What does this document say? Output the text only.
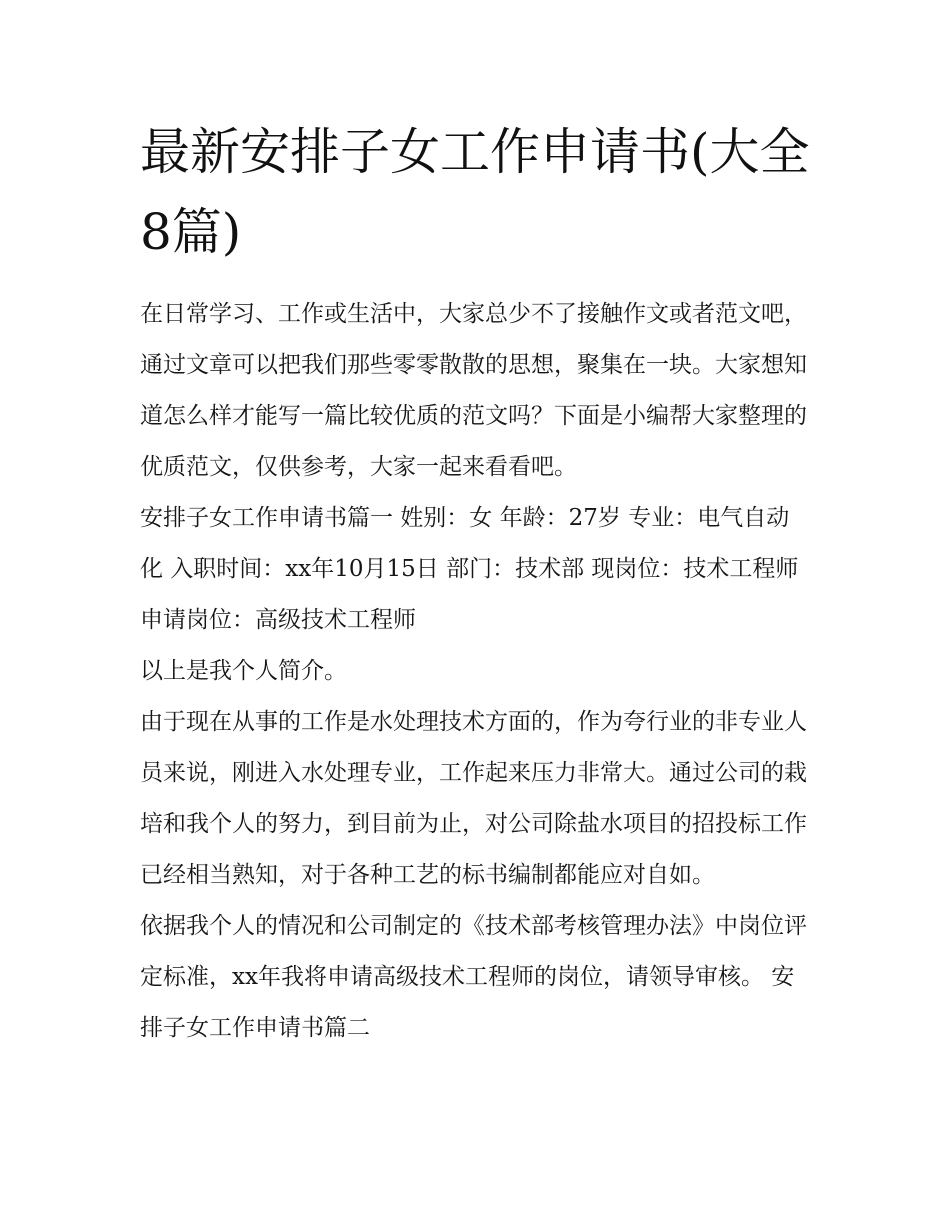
最新安排子女工作申请书(大全8篇)

在日常学习、工作或生活中，大家总少不了接触作文或者范文吧，通过文章可以把我们那些零零散散的思想，聚集在一块。大家想知道怎么样才能写一篇比较优质的范文吗？下面是小编帮大家整理的优质范文，仅供参考，大家一起来看看吧。

安排子女工作申请书篇一 姓别：女 年龄：27岁 专业：电气自动化 入职时间：xx年10月15日 部门：技术部 现岗位：技术工程师 申请岗位：高级技术工程师

以上是我个人简介。

由于现在从事的工作是水处理技术方面的，作为夸行业的非专业人员来说，刚进入水处理专业，工作起来压力非常大。通过公司的栽培和我个人的努力，到目前为止，对公司除盐水项目的招投标工作已经相当熟知，对于各种工艺的标书编制都能应对自如。

依据我个人的情况和公司制定的《技术部考核管理办法》中岗位评定标准，xx年我将申请高级技术工程师的岗位，请领导审核。 安排子女工作申请书篇二
